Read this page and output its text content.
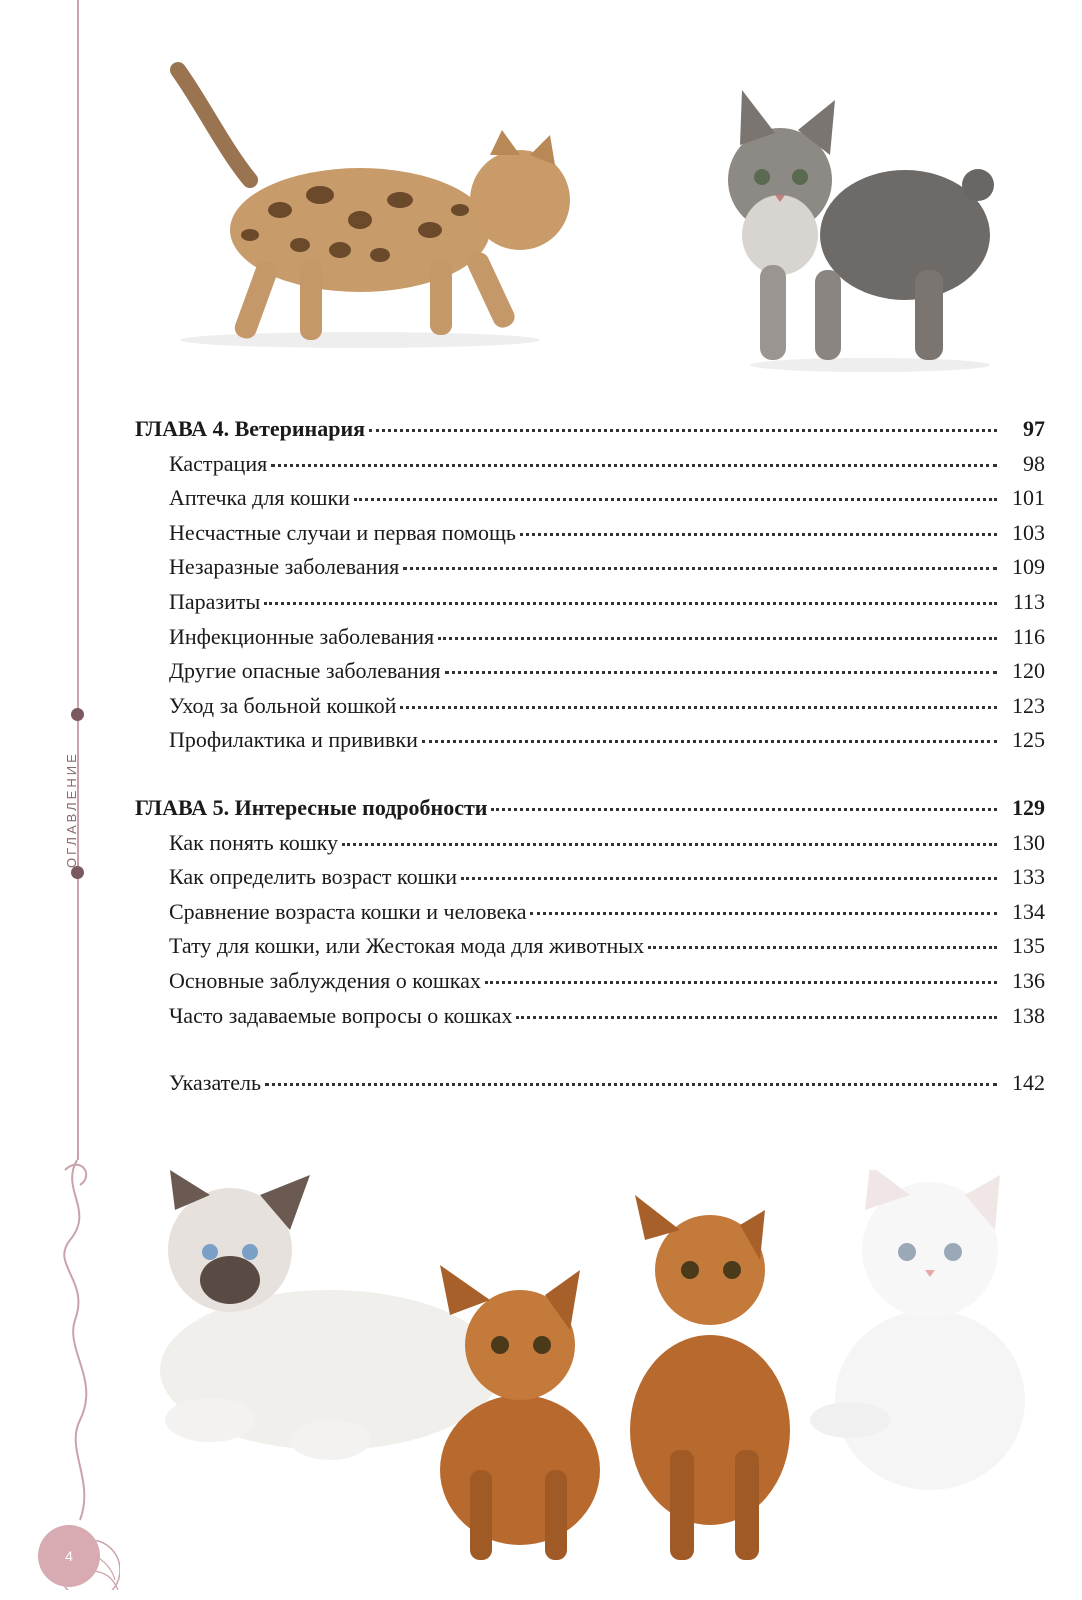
ОГЛАВЛЕНИЕ
4
ГЛАВА 4. Ветеринария	97
Кастрация	98
Аптечка для кошки	101
Несчастные случаи и первая помощь	103
Незаразные заболевания	109
Паразиты	113
Инфекционные заболевания	116
Другие опасные заболевания	120
Уход за больной кошкой	123
Профилактика и прививки	125
ГЛАВА 5. Интересные подробности	129
Как понять кошку	130
Как определить возраст кошки	133
Сравнение возраста кошки и человека	134
Тату для кошки, или Жестокая мода для животных	135
Основные заблуждения о кошках	136
Часто задаваемые вопросы о кошках	138
Указатель	142
